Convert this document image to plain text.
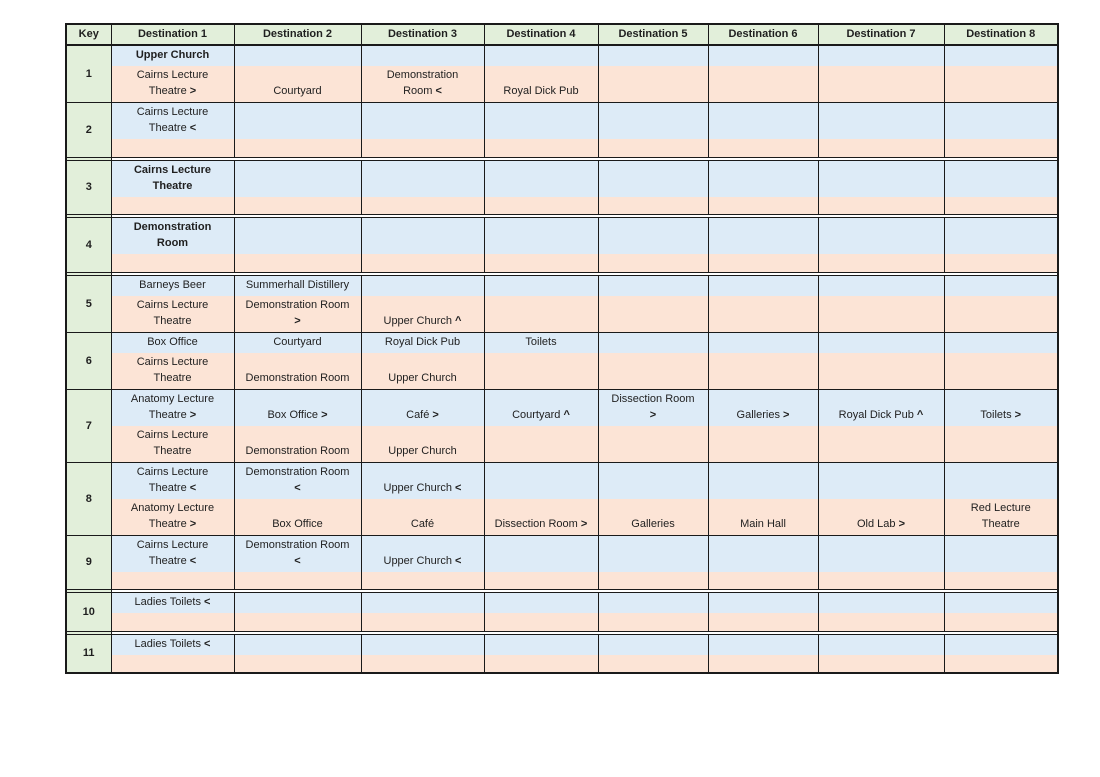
Key	Destination 1	Destination 2	Destination 3	Destination 4	Destination 5	Destination 6	Destination 7	Destination 8
1	Upper Church							
	Cairns Lecture Theatre >	Courtyard	Demonstration Room <	Royal Dick Pub				
2	Cairns Lecture Theatre <							

3	Cairns Lecture Theatre							

4	Demonstration Room							

5	Barneys Beer	Summerhall Distillery						
	Cairns Lecture Theatre	Demonstration Room >	Upper Church ^					
6	Box Office	Courtyard	Royal Dick Pub	Toilets				
	Cairns Lecture Theatre	Demonstration Room	Upper Church					
7	Anatomy Lecture Theatre >	Box Office >	Café >	Courtyard ^	Dissection Room >	Galleries >	Royal Dick Pub ^	Toilets >
	Cairns Lecture Theatre	Demonstration Room	Upper Church					
8	Cairns Lecture Theatre <	Demonstration Room <	Upper Church <					
	Anatomy Lecture Theatre >	Box Office	Café	Dissection Room >	Galleries	Main Hall	Old Lab >	Red Lecture Theatre
9	Cairns Lecture Theatre <	Demonstration Room <	Upper Church <					

10	Ladies Toilets <							

11	Ladies Toilets <							
